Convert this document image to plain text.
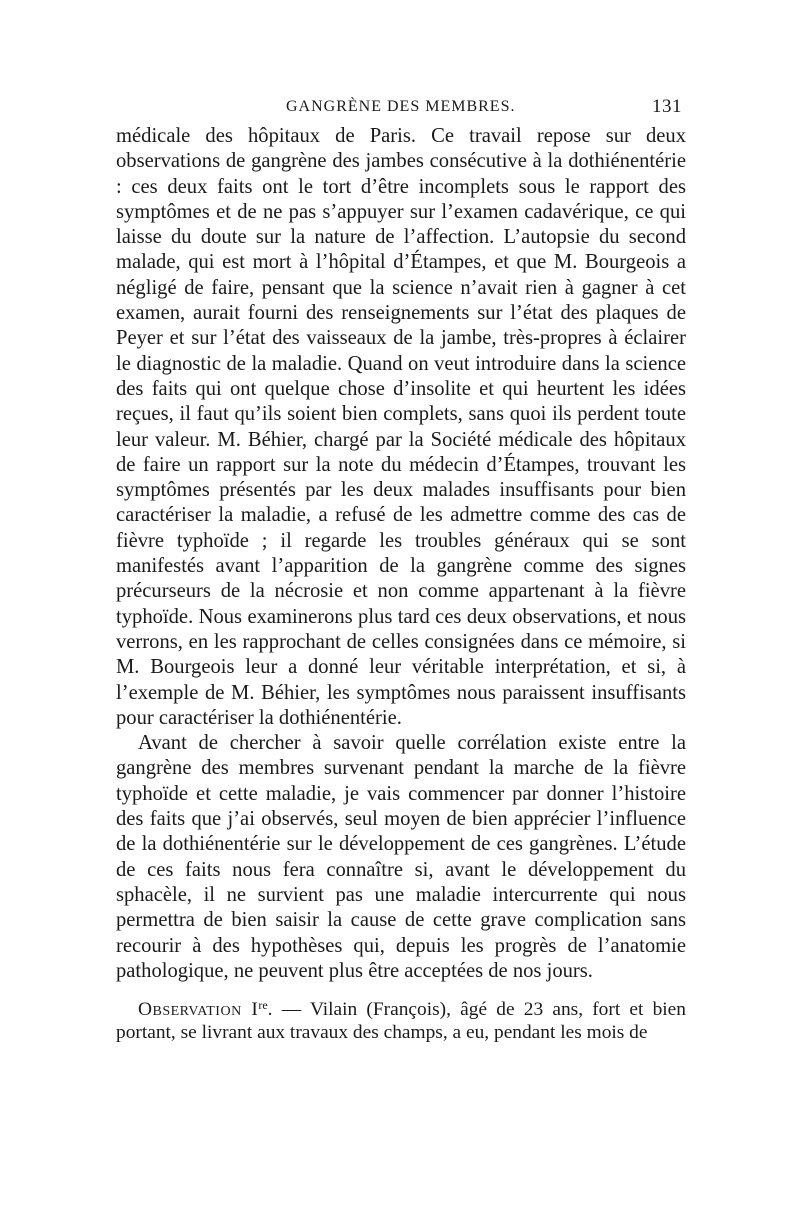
GANGRÈNE DES MEMBRES.	131

médicale des hôpitaux de Paris. Ce travail repose sur deux observations de gangrène des jambes consécutive à la dothiénentérie : ces deux faits ont le tort d’être incomplets sous le rapport des symptômes et de ne pas s’appuyer sur l’examen cadavérique, ce qui laisse du doute sur la nature de l’affection. L’autopsie du second malade, qui est mort à l’hôpital d’Étampes, et que M. Bourgeois a négligé de faire, pensant que la science n’avait rien à gagner à cet examen, aurait fourni des renseignements sur l’état des plaques de Peyer et sur l’état des vaisseaux de la jambe, très-propres à éclairer le diagnostic de la maladie. Quand on veut introduire dans la science des faits qui ont quelque chose d’insolite et qui heurtent les idées reçues, il faut qu’ils soient bien complets, sans quoi ils perdent toute leur valeur. M. Béhier, chargé par la Société médicale des hôpitaux de faire un rapport sur la note du médecin d’Étampes, trouvant les symptômes présentés par les deux malades insuffisants pour bien caractériser la maladie, a refusé de les admettre comme des cas de fièvre typhoïde ; il regarde les troubles généraux qui se sont manifestés avant l’apparition de la gangrène comme des signes précurseurs de la nécrosie et non comme appartenant à la fièvre typhoïde. Nous examinerons plus tard ces deux observations, et nous verrons, en les rapprochant de celles consignées dans ce mémoire, si M. Bourgeois leur a donné leur véritable interprétation, et si, à l’exemple de M. Béhier, les symptômes nous paraissent insuffisants pour caractériser la dothiénentérie.

Avant de chercher à savoir quelle corrélation existe entre la gangrène des membres survenant pendant la marche de la fièvre typhoïde et cette maladie, je vais commencer par donner l’histoire des faits que j’ai observés, seul moyen de bien apprécier l’influence de la dothiénentérie sur le développement de ces gangrènes. L’étude de ces faits nous fera connaître si, avant le développement du sphacèle, il ne survient pas une maladie intercurrente qui nous permettra de bien saisir la cause de cette grave complication sans recourir à des hypothèses qui, depuis les progrès de l’anatomie pathologique, ne peuvent plus être acceptées de nos jours.

Observation Ire. — Vilain (François), âgé de 23 ans, fort et bien portant, se livrant aux travaux des champs, a eu, pendant les mois de
